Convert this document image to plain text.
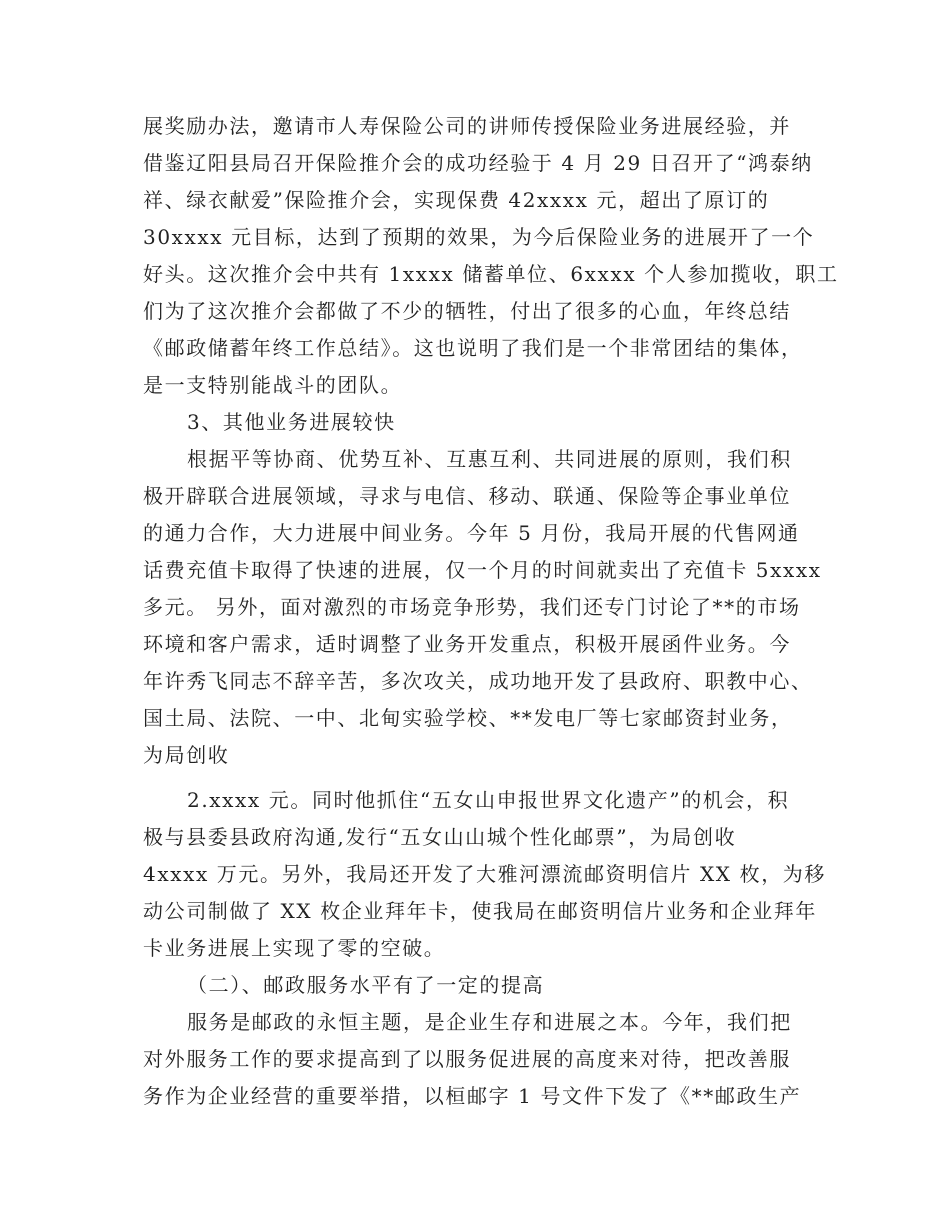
展奖励办法，邀请市人寿保险公司的讲师传授保险业务进展经验，并
借鉴辽阳县局召开保险推介会的成功经验于 4 月 29 日召开了“鸿泰纳
祥、绿衣献爱”保险推介会，实现保费 42xxxx 元，超出了原订的
30xxxx 元目标，达到了预期的效果，为今后保险业务的进展开了一个
好头。这次推介会中共有 1xxxx 储蓄单位、6xxxx 个人参加揽收，职工
们为了这次推介会都做了不少的牺牲，付出了很多的心血，年终总结
《邮政储蓄年终工作总结》。这也说明了我们是一个非常团结的集体，
是一支特别能战斗的团队。
3、其他业务进展较快
根据平等协商、优势互补、互惠互利、共同进展的原则，我们积
极开辟联合进展领域，寻求与电信、移动、联通、保险等企事业单位
的通力合作，大力进展中间业务。今年 5 月份，我局开展的代售网通
话费充值卡取得了快速的进展，仅一个月的时间就卖出了充值卡 5xxxx
多元。 另外，面对激烈的市场竞争形势，我们还专门讨论了**的市场
环境和客户需求，适时调整了业务开发重点，积极开展函件业务。今
年许秀飞同志不辞辛苦，多次攻关，成功地开发了县政府、职教中心、
国土局、法院、一中、北甸实验学校、**发电厂等七家邮资封业务，
为局创收
2.xxxx 元。同时他抓住“五女山申报世界文化遗产”的机会，积
极与县委县政府沟通,发行“五女山山城个性化邮票”，为局创收
4xxxx 万元。另外，我局还开发了大雅河漂流邮资明信片 XX 枚，为移
动公司制做了 XX 枚企业拜年卡，使我局在邮资明信片业务和企业拜年
卡业务进展上实现了零的空破。
（二）、邮政服务水平有了一定的提高
服务是邮政的永恒主题，是企业生存和进展之本。今年，我们把
对外服务工作的要求提高到了以服务促进展的高度来对待，把改善服
务作为企业经营的重要举措，以桓邮字 1 号文件下发了《**邮政生产
